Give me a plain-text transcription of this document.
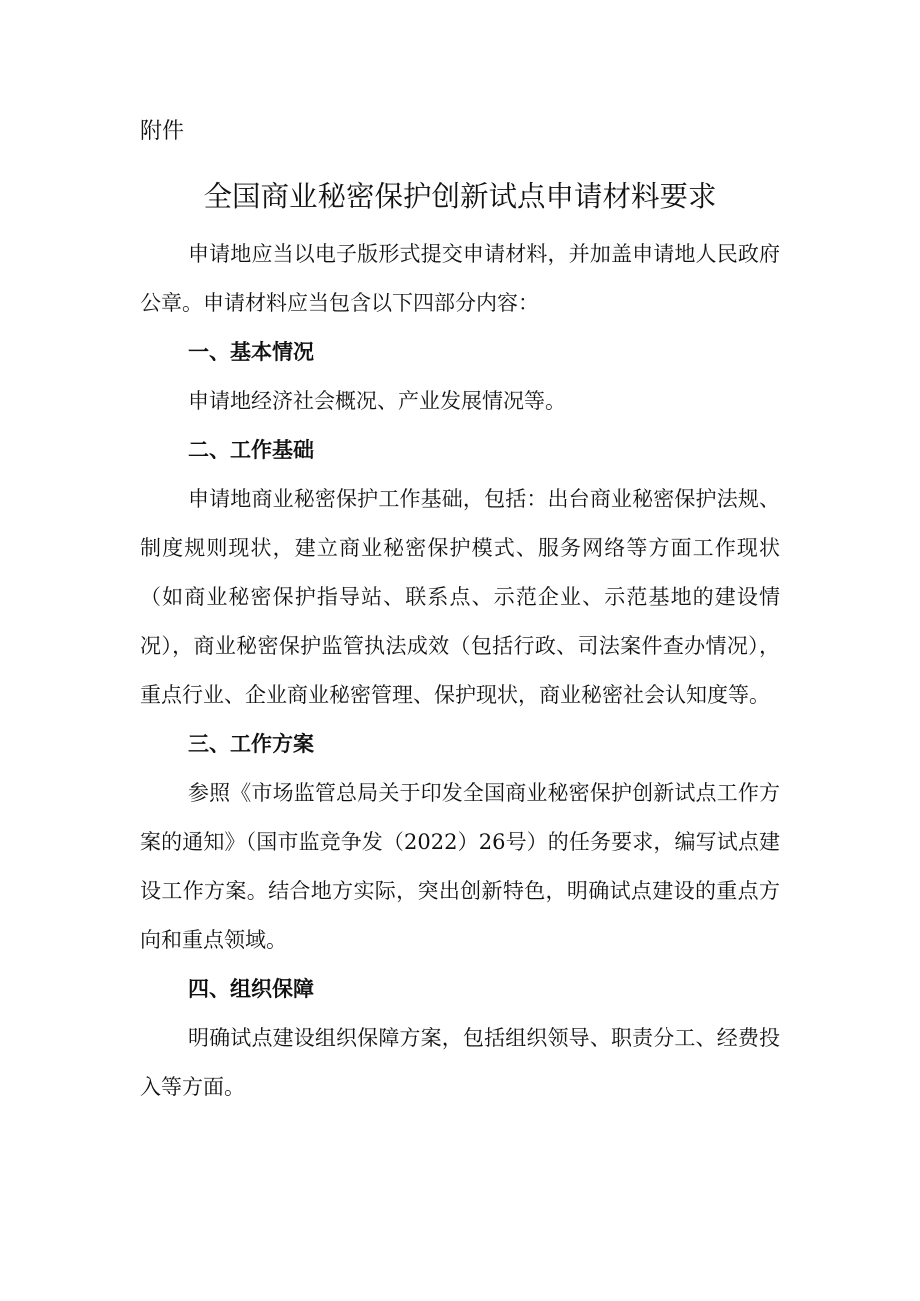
附件

全国商业秘密保护创新试点申请材料要求

申请地应当以电子版形式提交申请材料，并加盖申请地人民政府公章。申请材料应当包含以下四部分内容：

一、基本情况

申请地经济社会概况、产业发展情况等。

二、工作基础

申请地商业秘密保护工作基础，包括：出台商业秘密保护法规、制度规则现状，建立商业秘密保护模式、服务网络等方面工作现状（如商业秘密保护指导站、联系点、示范企业、示范基地的建设情况），商业秘密保护监管执法成效（包括行政、司法案件查办情况），重点行业、企业商业秘密管理、保护现状，商业秘密社会认知度等。

三、工作方案

参照《市场监管总局关于印发全国商业秘密保护创新试点工作方案的通知》（国市监竞争发（2022）26号）的任务要求，编写试点建设工作方案。结合地方实际，突出创新特色，明确试点建设的重点方向和重点领域。

四、组织保障

明确试点建设组织保障方案，包括组织领导、职责分工、经费投入等方面。
